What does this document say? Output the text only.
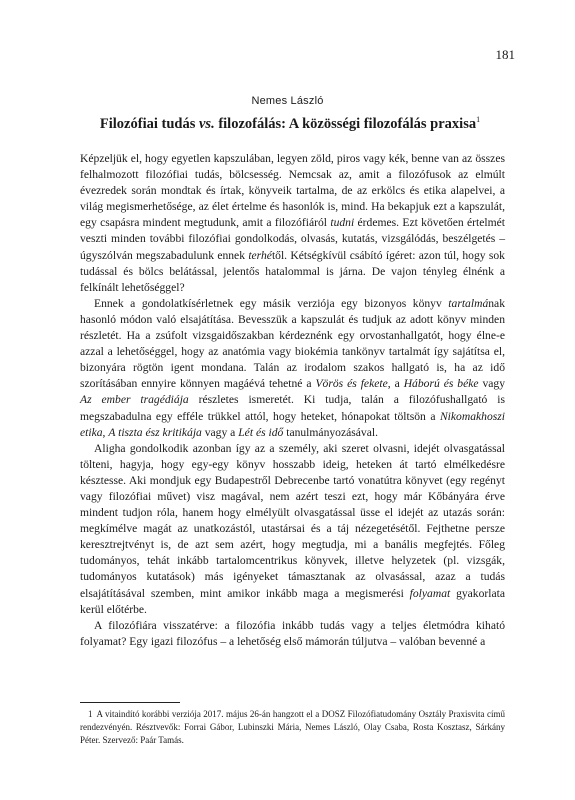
181
Nemes László
Filozófiai tudás vs. filozofálás: A közösségi filozofálás praxisa$^1$

Képzeljük el, hogy egyetlen kapszulában, legyen zöld, piros vagy kék, benne van az összes felhalmozott filozófiai tudás, bölcsesség. Nemcsak az, amit a filozófusok az elmúlt évezredek során mondtak és írtak, könyveik tartalma, de az erkölcs és etika alapelvei, a világ megismerhetősége, az élet értelme és hasonlók is, mind. Ha bekapjuk ezt a kapszulát, egy csapásra mindent megtudunk, amit a filozófiáról tudni érdemes. Ezt követően értelmét veszti minden további filozófiai gondolkodás, olvasás, kutatás, vizsgálódás, beszélgetés – úgyszólván megszabadulunk ennek terhétől. Kétségkívül csábító ígéret: azon túl, hogy sok tudással és bölcs belátással, jelentős hatalommal is járna. De vajon tényleg élnénk a felkínált lehetőséggel?

Ennek a gondolatkísérletnek egy másik verziója egy bizonyos könyv tartalmának hasonló módon való elsajátítása. Bevesszük a kapszulát és tudjuk az adott könyv minden részletét. Ha a zsúfolt vizsgaidőszakban kérdeznénk egy orvostanhallgatót, hogy élne-e azzal a lehetőséggel, hogy az anatómia vagy biokémia tankönyv tartalmát így sajátítsa el, bizonyára rögtön igent mondana. Talán az irodalom szakos hallgató is, ha az idő szorításában ennyire könnyen magáévá tehetné a Vörös és fekete, a Háború és béke vagy Az ember tragédiája részletes ismeretét. Ki tudja, talán a filozófushallgató is megszabadulna egy efféle trükkel attól, hogy heteket, hónapokat töltsön a Nikomakhoszi etika, A tiszta ész kritikája vagy a Lét és idő tanulmányozásával.

Aligha gondolkodik azonban így az a személy, aki szeret olvasni, idejét olvasgatással tölteni, hagyja, hogy egy-egy könyv hosszabb ideig, heteken át tartó elmélkedésre késztesse. Aki mondjuk egy Budapestről Debrecenbe tartó vonatútra könyvet (egy regényt vagy filozófiai művet) visz magával, nem azért teszi ezt, hogy már Kőbányára érve mindent tudjon róla, hanem hogy elmélyült olvasgatással üsse el idejét az utazás során: megkímélve magát az unatkozástól, utastársai és a táj nézegetésétől. Fejthetne persze keresztrejtvényt is, de azt sem azért, hogy megtudja, mi a banális megfejtés. Főleg tudományos, tehát inkább tartalomcentrikus könyvek, illetve helyzetek (pl. vizsgák, tudományos kutatások) más igényeket támasztanak az olvasással, azaz a tudás elsajátításával szemben, mint amikor inkább maga a megismerési folyamat gyakorlata kerül előtérbe.

A filozófiára visszatérve: a filozófia inkább tudás vagy a teljes életmódra kiható folyamat? Egy igazi filozófus – a lehetőség első mámorán túljutva – valóban bevenné a

1 A vitaindító korábbi verziója 2017. május 26-án hangzott el a DOSZ Filozófiatudomány Osztály Praxisvita című rendezvényén. Résztvevők: Forrai Gábor, Lubinszki Mária, Nemes László, Olay Csaba, Rosta Kosztasz, Sárkány Péter. Szervező: Paár Tamás.
